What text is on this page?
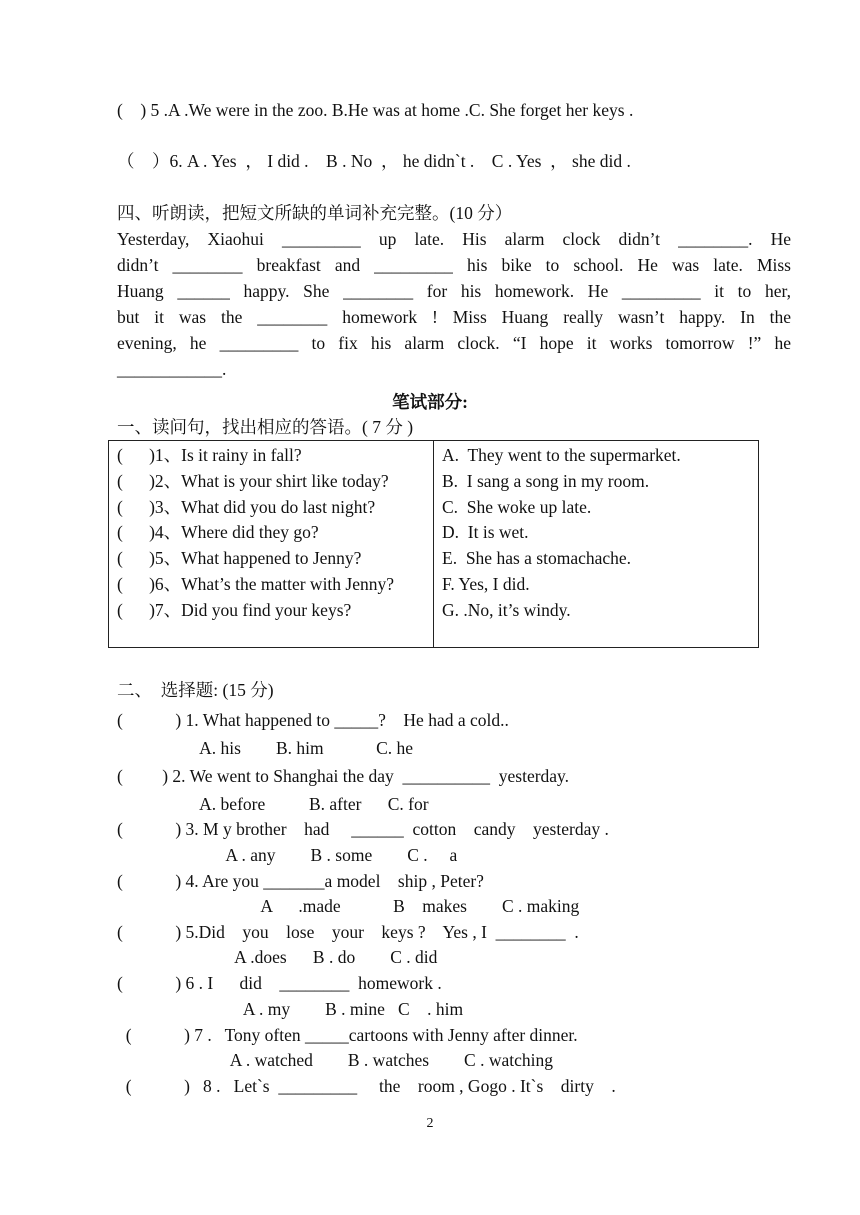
(    ) 5 .A .We were in the zoo. B.He was at home .C. She forget her keys .
（    ）6. A . Yes  ， I did .    B . No  ， he didn`t .    C . Yes  ， she did .
四、听朗读，把短文所缺的单词补充完整。(10 分）
Yesterday, Xiaohui _________ up late. His alarm clock didn’t ________. He
didn’t ________ breakfast and _________ his bike to school. He was late. Miss
Huang ______ happy. She ________ for his homework. He _________ it to her,
but it was the ________ homework ! Miss Huang really wasn’t happy. In the
evening, he _________ to fix his alarm clock. “I hope it works tomorrow !” he
____________.
笔试部分:
一、读问句，找出相应的答语。( 7 分 )
(      )1、Is it rainy in fall?
(      )2、What is your shirt like today?
(      )3、What did you do last night?
(      )4、Where did they go?
(      )5、What happened to Jenny?
(      )6、What’s the matter with Jenny?
(      )7、Did you find your keys?

A.  They went to the supermarket.
B.  I sang a song in my room.
C.  She woke up late.
D.  It is wet.
E.  She has a stomachache.
F. Yes, I did.
G. .No, it’s windy.
二、  选择题: (15 分)
(            ) 1. What happened to _____?    He had a cold..
A. his        B. him            C. he
(         ) 2. We went to Shanghai the day  __________  yesterday.
A. before          B. after      C. for
(            ) 3. M y brother    had     ______  cotton    candy    yesterday .
A . any        B . some        C .     a
(            ) 4. Are you _______a model    ship , Peter?
A      .made            B    makes        C . making
(            ) 5.Did    you    lose    your    keys ?    Yes , I  ________  .
A .does      B . do        C . did
(            ) 6 . I      did    ________  homework .
A . my        B . mine   C    . him
(            ) 7 .   Tony often _____cartoons with Jenny after dinner.
A . watched        B . watches        C . watching
(            )   8 .   Let`s  _________     the    room , Gogo . It`s    dirty    .
2
